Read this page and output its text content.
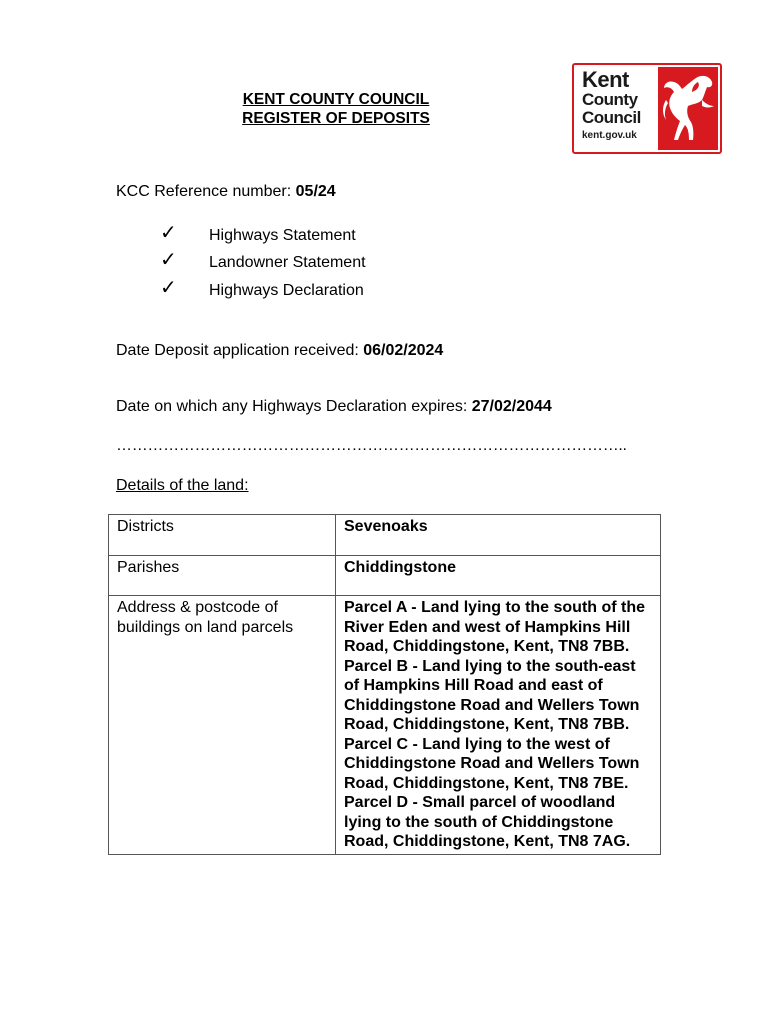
KENT COUNTY COUNCIL
REGISTER OF DEPOSITS
Kent
County
Council
kent.gov.uk
KCC Reference number: 05/24
✓	Highways Statement
✓	Landowner Statement
✓	Highways Declaration
Date Deposit application received: 06/02/2024
Date on which any Highways Declaration expires: 27/02/2044
……………………………………………………………………………………..
Details of the land:
Districts	Sevenoaks
Parishes	Chiddingstone
Address & postcode of buildings on land parcels	Parcel A - Land lying to the south of the River Eden and west of Hampkins Hill Road, Chiddingstone, Kent, TN8 7BB.
Parcel B - Land lying to the south-east of Hampkins Hill Road and east of Chiddingstone Road and Wellers Town Road, Chiddingstone, Kent, TN8 7BB.
Parcel C - Land lying to the west of Chiddingstone Road and Wellers Town Road, Chiddingstone, Kent, TN8 7BE.
Parcel D - Small parcel of woodland lying to the south of Chiddingstone Road, Chiddingstone, Kent, TN8 7AG.
